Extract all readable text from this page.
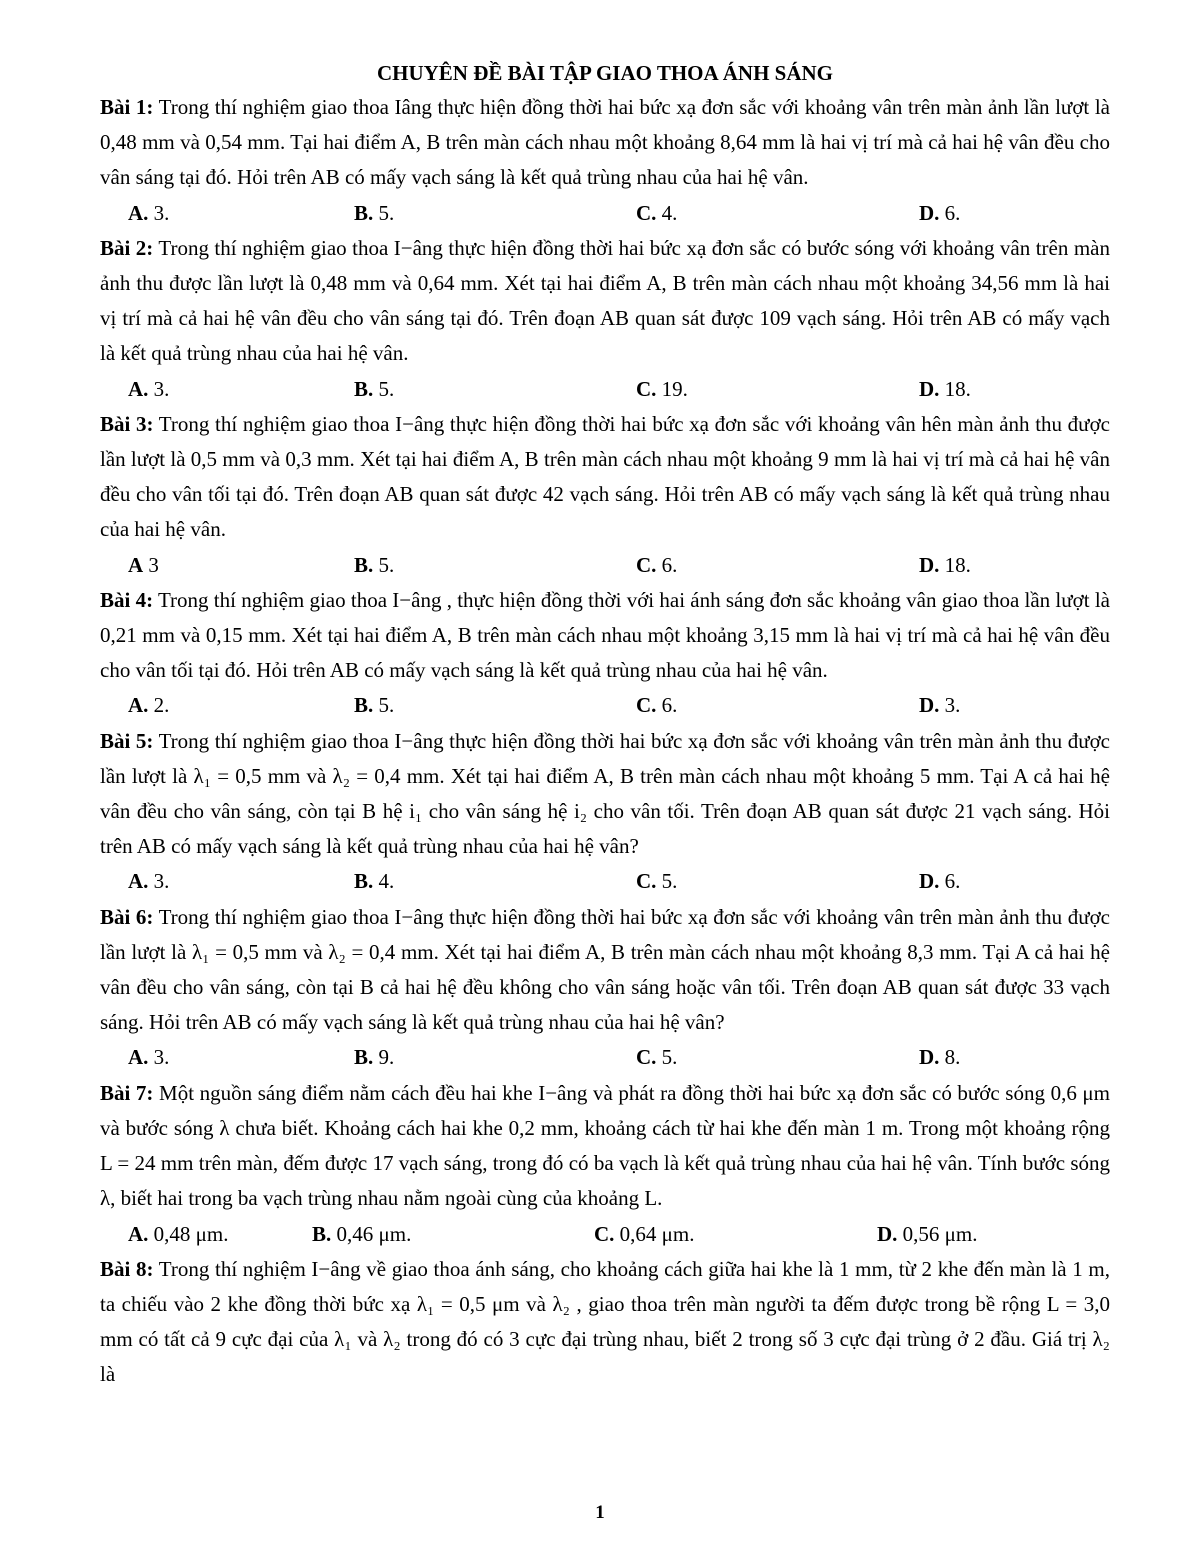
CHUYÊN ĐỀ BÀI TẬP GIAO THOA ÁNH SÁNG

Bài 1: Trong thí nghiệm giao thoa Iâng thực hiện đồng thời hai bức xạ đơn sắc với khoảng vân trên màn ảnh lần lượt là 0,48 mm và 0,54 mm. Tại hai điểm A, B trên màn cách nhau một khoảng 8,64 mm là hai vị trí mà cả hai hệ vân đều cho vân sáng tại đó. Hỏi trên AB có mấy vạch sáng là kết quả trùng nhau của hai hệ vân.

A. 3.	B. 5.	C. 4.	D. 6.

Bài 2: Trong thí nghiệm giao thoa I−âng thực hiện đồng thời hai bức xạ đơn sắc có bước sóng với khoảng vân trên màn ảnh thu được lần lượt là 0,48 mm và 0,64 mm. Xét tại hai điểm A, B trên màn cách nhau một khoảng 34,56 mm là hai vị trí mà cả hai hệ vân đều cho vân sáng tại đó. Trên đoạn AB quan sát được 109 vạch sáng. Hỏi trên AB có mấy vạch là kết quả trùng nhau của hai hệ vân.

A. 3.	B. 5.	C. 19.	D. 18.

Bài 3: Trong thí nghiệm giao thoa I−âng thực hiện đồng thời hai bức xạ đơn sắc với khoảng vân hên màn ảnh thu được lần lượt là 0,5 mm và 0,3 mm. Xét tại hai điểm A, B trên màn cách nhau một khoảng 9 mm là hai vị trí mà cả hai hệ vân đều cho vân tối tại đó. Trên đoạn AB quan sát được 42 vạch sáng. Hỏi trên AB có mấy vạch sáng là kết quả trùng nhau của hai hệ vân.

A 3	B. 5.	C. 6.	D. 18.

Bài 4: Trong thí nghiệm giao thoa I−âng , thực hiện đồng thời với hai ánh sáng đơn sắc khoảng vân giao thoa lần lượt là 0,21 mm và 0,15 mm. Xét tại hai điểm A, B trên màn cách nhau một khoảng 3,15 mm là hai vị trí mà cả hai hệ vân đều cho vân tối tại đó. Hỏi trên AB có mấy vạch sáng là kết quả trùng nhau của hai hệ vân.

A. 2.	B. 5.	C. 6.	D. 3.

Bài 5: Trong thí nghiệm giao thoa I−âng thực hiện đồng thời hai bức xạ đơn sắc với khoảng vân trên màn ảnh thu được lần lượt là λ₁ = 0,5 mm và λ₂ = 0,4 mm. Xét tại hai điểm A, B trên màn cách nhau một khoảng 5 mm. Tại A cả hai hệ vân đều cho vân sáng, còn tại B hệ i₁ cho vân sáng hệ i₂ cho vân tối. Trên đoạn AB quan sát được 21 vạch sáng. Hỏi trên AB có mấy vạch sáng là kết quả trùng nhau của hai hệ vân?

A. 3.	B. 4.	C. 5.	D. 6.

Bài 6: Trong thí nghiệm giao thoa I−âng thực hiện đồng thời hai bức xạ đơn sắc với khoảng vân trên màn ảnh thu được lần lượt là λ₁ = 0,5 mm và λ₂ = 0,4 mm. Xét tại hai điểm A, B trên màn cách nhau một khoảng 8,3 mm. Tại A cả hai hệ vân đều cho vân sáng, còn tại B cả hai hệ đều không cho vân sáng hoặc vân tối. Trên đoạn AB quan sát được 33 vạch sáng. Hỏi trên AB có mấy vạch sáng là kết quả trùng nhau của hai hệ vân?

A. 3.	B. 9.	C. 5.	D. 8.

Bài 7: Một nguồn sáng điểm nằm cách đều hai khe I−âng và phát ra đồng thời hai bức xạ đơn sắc có bước sóng 0,6 μm và bước sóng λ chưa biết. Khoảng cách hai khe 0,2 mm, khoảng cách từ hai khe đến màn 1 m. Trong một khoảng rộng L = 24 mm trên màn, đếm được 17 vạch sáng, trong đó có ba vạch là kết quả trùng nhau của hai hệ vân. Tính bước sóng λ, biết hai trong ba vạch trùng nhau nằm ngoài cùng của khoảng L.

A. 0,48 μm.	B. 0,46 μm.	C. 0,64 μm.	D. 0,56 μm.

Bài 8: Trong thí nghiệm I−âng về giao thoa ánh sáng, cho khoảng cách giữa hai khe là 1 mm, từ 2 khe đến màn là 1 m, ta chiếu vào 2 khe đồng thời bức xạ λ₁ = 0,5 μm và λ₂ , giao thoa trên màn người ta đếm được trong bề rộng L = 3,0 mm có tất cả 9 cực đại của λ₁ và λ₂ trong đó có 3 cực đại trùng nhau, biết 2 trong số 3 cực đại trùng ở 2 đầu. Giá trị λ₂ là

1
